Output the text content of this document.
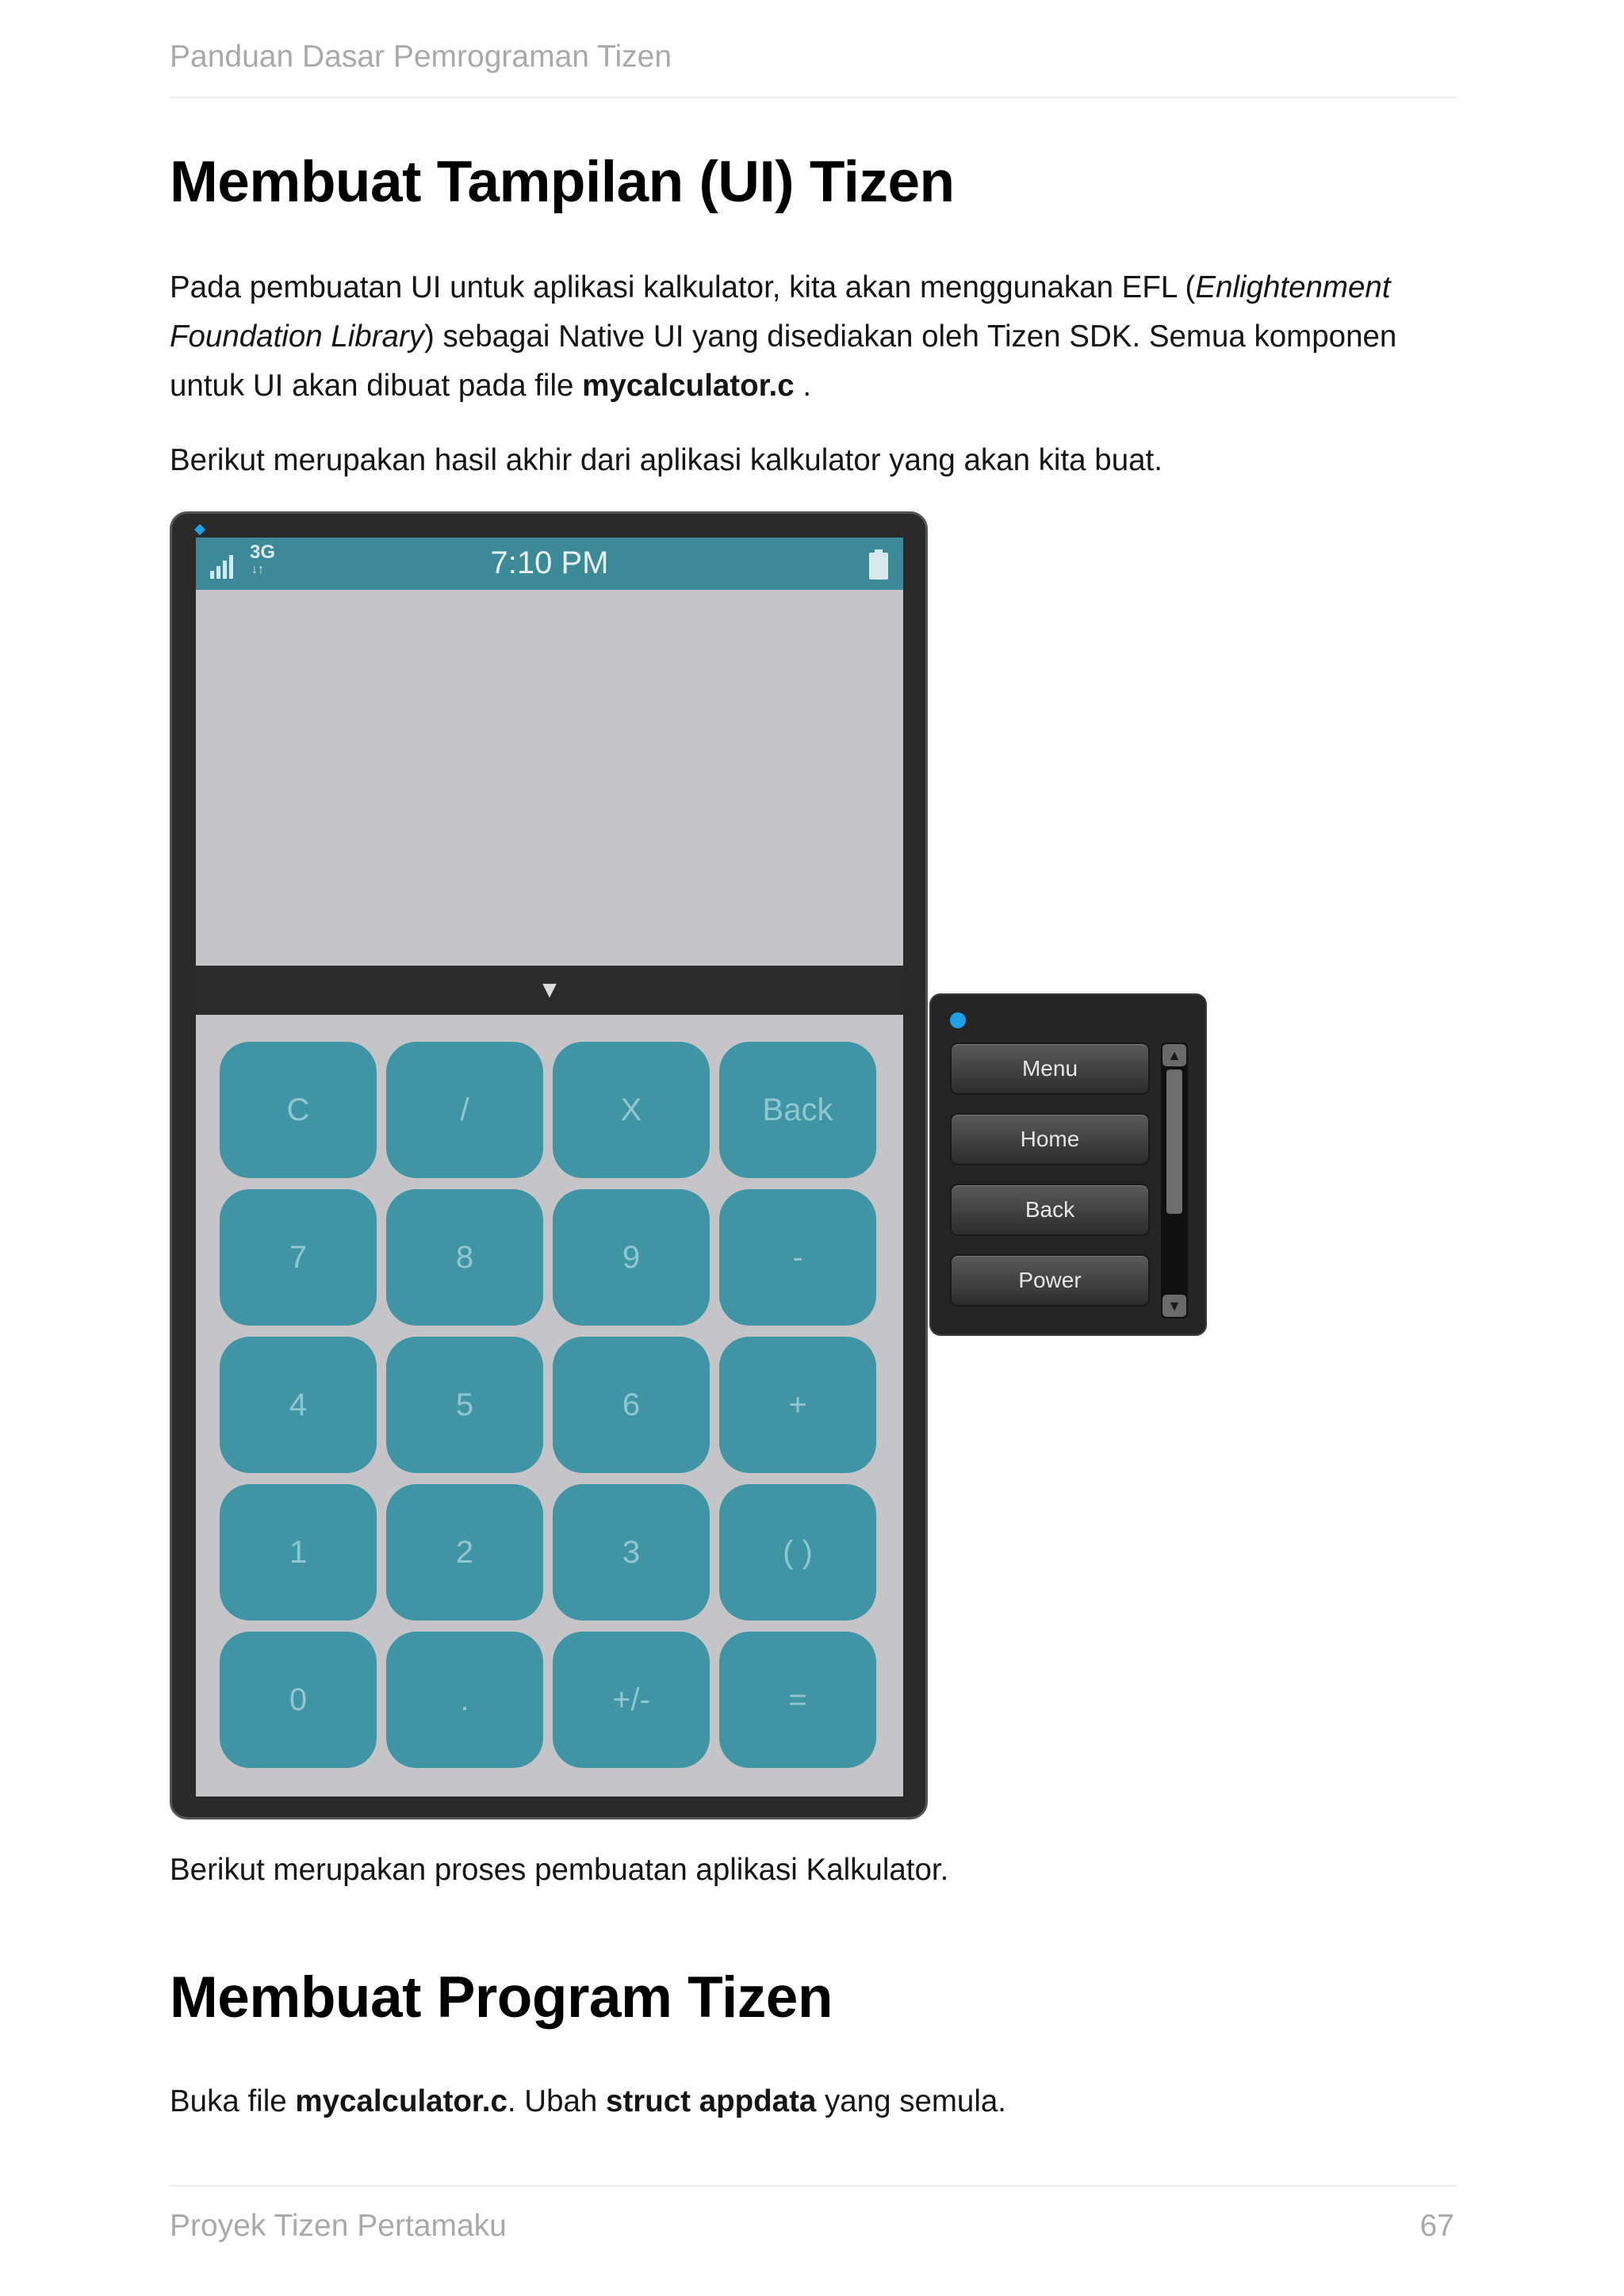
Panduan Dasar Pemrograman Tizen
Membuat Tampilan (UI) Tizen

Pada pembuatan UI untuk aplikasi kalkulator, kita akan menggunakan EFL (Enlightenment Foundation Library) sebagai Native UI yang disediakan oleh Tizen SDK. Semua komponen untuk UI akan dibuat pada file mycalculator.c .

Berikut merupakan hasil akhir dari aplikasi kalkulator yang akan kita buat.

3G
↓↑	7:10 PM
▼
C	/	X	Back
7	8	9	-
4	5	6	+
1	2	3	( )
0	.	+/-	=
▲
▼
Menu
Home
Back
Power

Berikut merupakan proses pembuatan aplikasi Kalkulator.

Membuat Program Tizen

Buka file mycalculator.c. Ubah struct appdata yang semula.

Proyek Tizen Pertamaku	67
